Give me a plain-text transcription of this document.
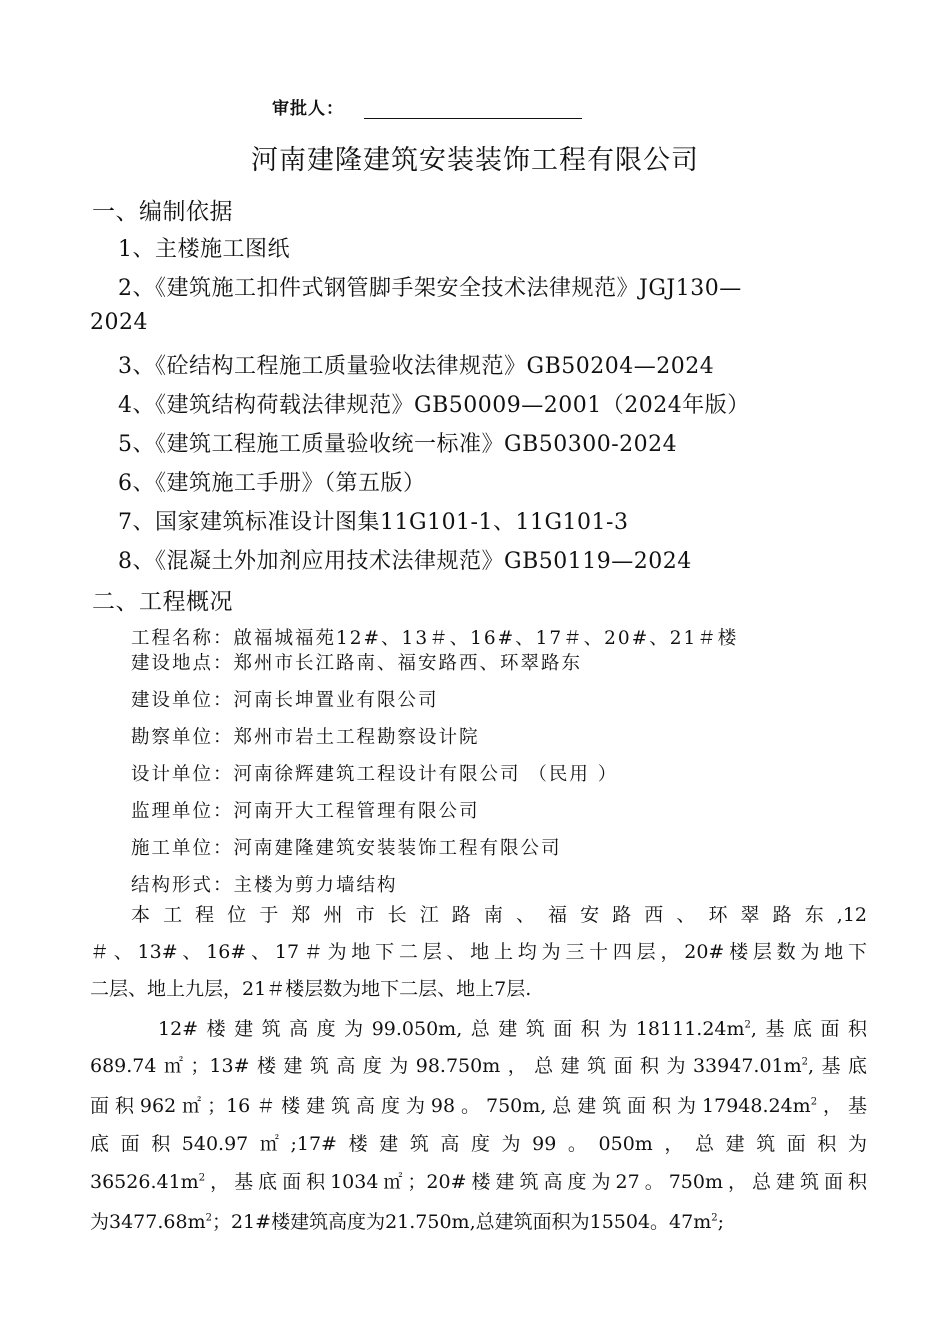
审批人：
河南建隆建筑安装装饰工程有限公司
一、编制依据
1、主楼施工图纸
2、《建筑施工扣件式钢管脚手架安全技术法律规范》JGJ130—
2024
3、《砼结构工程施工质量验收法律规范》GB50204—2024
4、《建筑结构荷载法律规范》GB50009—2001（2024年版）
5、《建筑工程施工质量验收统一标准》GB50300-2024
6、《建筑施工手册》（第五版）
7、国家建筑标准设计图集11G101-1、11G101-3
8、《混凝土外加剂应用技术法律规范》GB50119—2024
二、工程概况
工程名称：啟福城福苑12#、13＃、16#、17＃、20#、21＃楼
建设地点：郑州市长江路南、福安路西、环翠路东
建设单位：河南长坤置业有限公司
勘察单位：郑州市岩土工程勘察设计院
设计单位：河南徐辉建筑工程设计有限公司 （民用 ）
监理单位：河南开大工程管理有限公司
施工单位：河南建隆建筑安装装饰工程有限公司
结构形式：主楼为剪力墙结构
本工程位于郑州市长江路南、福安路西、环翠路东,12
＃、13#、16#、17＃为地下二层、地上均为三十四层，20#楼层数为地下
二层、地上九层，21＃楼层数为地下二层、地上7层.
12#楼建筑高度为99.050m,总建筑面积为$18111.24m^2$,基底面积
689.74㎡；13#楼建筑高度为98.750m，总建筑面积为$33947.01m^2$,基底
面积962㎡；16＃楼建筑高度为98。750m,总建筑面积为$17948.24m^2$，基
底面积540.97㎡;17#楼建筑高度为99。050m，总建筑面积为
$36526.41m^2$，基底面积1034㎡；20#楼建筑高度为27。750m，总建筑面积
为$3477.68m^2$；21#楼建筑高度为21.750m,总建筑面积为15504。$47m^2$;
